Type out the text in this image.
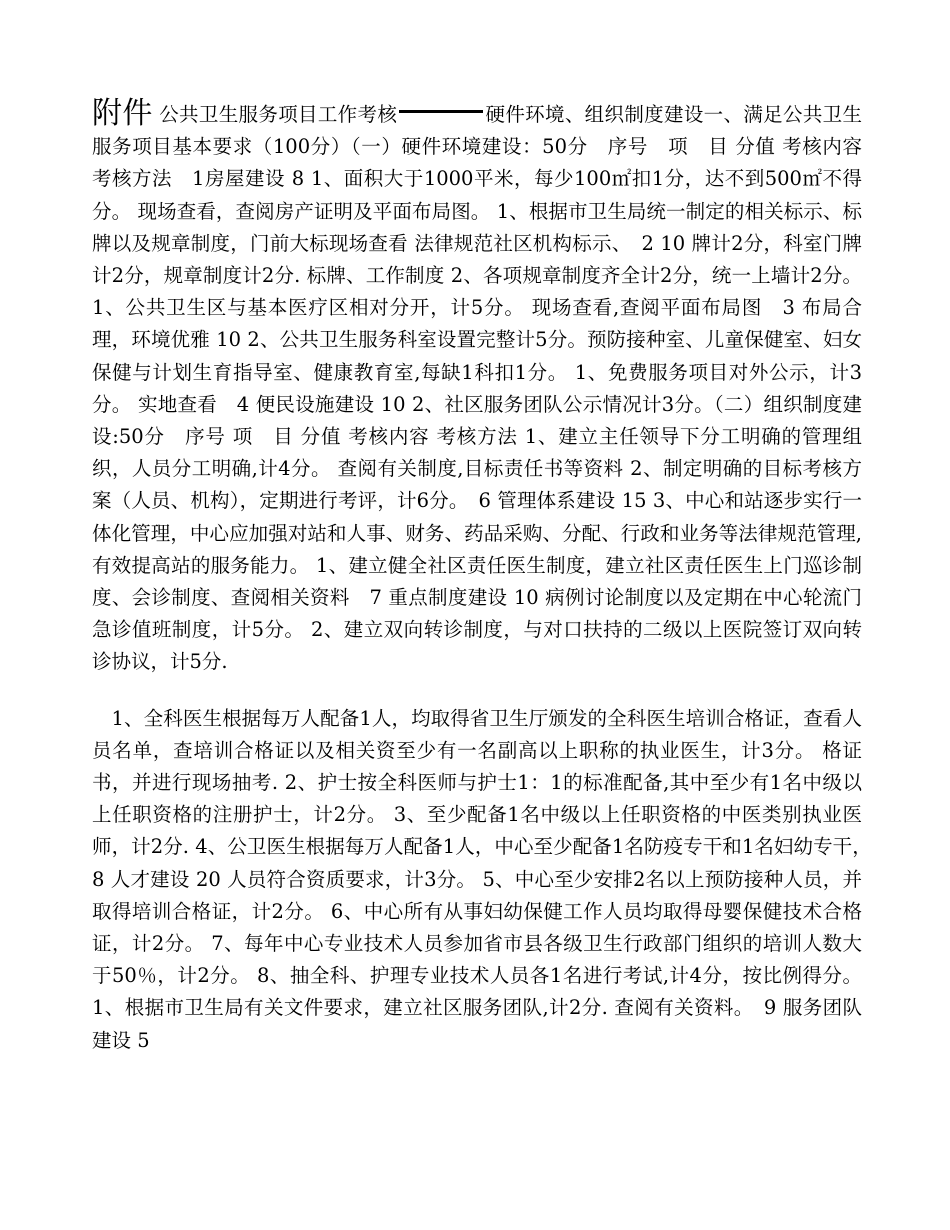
附件 公共卫生服务项目工作考核	硬件环境、组织制度建设一、满足公共卫生服务项目基本要求（100分）（一）硬件环境建设：50分　序号　项　目 分值 考核内容 考核方法　1房屋建设 8 1、面积大于1000平米，每少100㎡扣1分，达不到500㎡不得分。 现场查看，查阅房产证明及平面布局图。 1、根据市卫生局统一制定的相关标示、标牌以及规章制度，门前大标现场查看 法律规范社区机构标示、　2 10 牌计2分，科室门牌计2分，规章制度计2分. 标牌、工作制度 2、各项规章制度齐全计2分，统一上墙计2分。 1、公共卫生区与基本医疗区相对分开，计5分。 现场查看,查阅平面布局图　3 布局合理，环境优雅 10 2、公共卫生服务科室设置完整计5分。预防接种室、儿童保健室、妇女保健与计划生育指导室、健康教育室,每缺1科扣1分。 1、免费服务项目对外公示，计3分。 实地查看　4 便民设施建设 10 2、社区服务团队公示情况计3分。（二）组织制度建设:50分　序号 项　目 分值 考核内容 考核方法 1、建立主任领导下分工明确的管理组织，人员分工明确,计4分。 查阅有关制度,目标责任书等资料 2、制定明确的目标考核方案（人员、机构），定期进行考评，计6分。　6 管理体系建设 15 3、中心和站逐步实行一体化管理，中心应加强对站和人事、财务、药品采购、分配、行政和业务等法律规范管理,有效提高站的服务能力。 1、建立健全社区责任医生制度，建立社区责任医生上门巡诊制度、会诊制度、查阅相关资料　7 重点制度建设 10 病例讨论制度以及定期在中心轮流门急诊值班制度，计5分。 2、建立双向转诊制度，与对口扶持的二级以上医院签订双向转诊协议，计5分.

1、全科医生根据每万人配备1人，均取得省卫生厅颁发的全科医生培训合格证，查看人员名单，查培训合格证以及相关资至少有一名副高以上职称的执业医生，计3分。 格证书，并进行现场抽考. 2、护士按全科医师与护士1：1的标准配备,其中至少有1名中级以上任职资格的注册护士，计2分。 3、至少配备1名中级以上任职资格的中医类别执业医师，计2分. 4、公卫医生根据每万人配备1人，中心至少配备1名防疫专干和1名妇幼专干，　8 人才建设 20 人员符合资质要求，计3分。 5、中心至少安排2名以上预防接种人员，并取得培训合格证，计2分。 6、中心所有从事妇幼保健工作人员均取得母婴保健技术合格证，计2分。 7、每年中心专业技术人员参加省市县各级卫生行政部门组织的培训人数大于50％，计2分。 8、抽全科、护理专业技术人员各1名进行考试,计4分，按比例得分。 1、根据市卫生局有关文件要求，建立社区服务团队,计2分. 查阅有关资料。　9 服务团队建设 5
